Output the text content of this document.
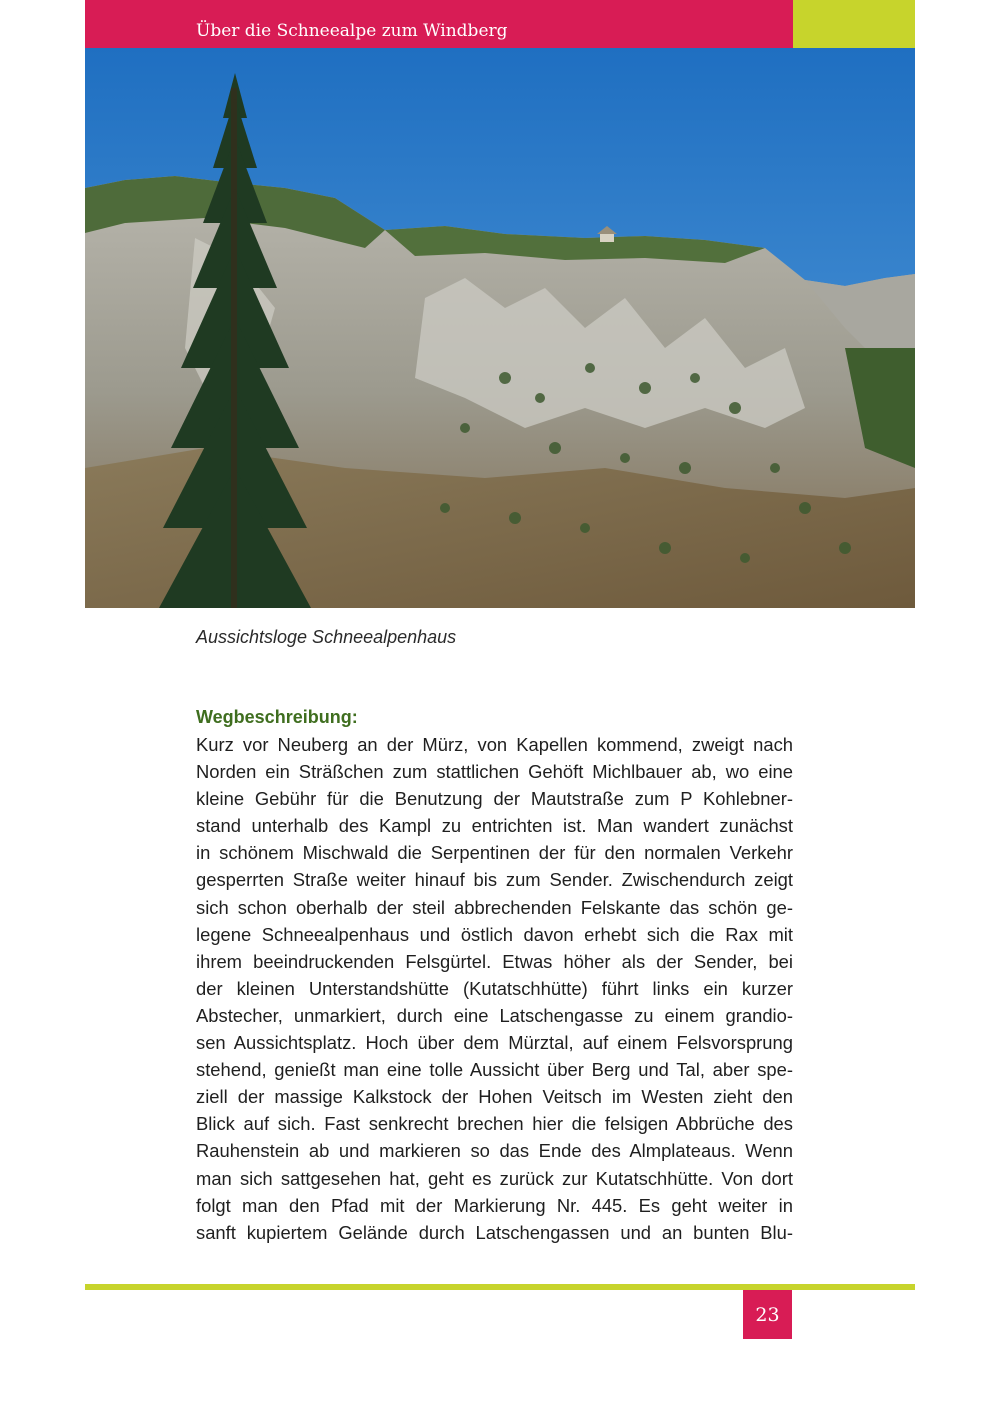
Über die Schneealpe zum Windberg
Aussichtsloge Schneealpenhaus
Wegbeschreibung:
Kurz vor Neuberg an der Mürz, von Kapellen kommend, zweigt nach
Norden ein Sträßchen zum stattlichen Gehöft Michlbauer ab, wo eine
kleine Gebühr für die Benutzung der Mautstraße zum P Kohlebner-
stand unterhalb des Kampl zu entrichten ist. Man wandert zunächst
in schönem Mischwald die Serpentinen der für den normalen Verkehr
gesperrten Straße weiter hinauf bis zum Sender. Zwischendurch zeigt
sich schon oberhalb der steil abbrechenden Felskante das schön ge-
legene Schneealpenhaus und östlich davon erhebt sich die Rax mit
ihrem beeindruckenden Felsgürtel. Etwas höher als der Sender, bei
der kleinen Unterstandshütte (Kutatschhütte) führt links ein kurzer
Abstecher, unmarkiert, durch eine Latschengasse zu einem grandio-
sen Aussichtsplatz. Hoch über dem Mürztal, auf einem Felsvorsprung
stehend, genießt man eine tolle Aussicht über Berg und Tal, aber spe-
ziell der massige Kalkstock der Hohen Veitsch im Westen zieht den
Blick auf sich. Fast senkrecht brechen hier die felsigen Abbrüche des
Rauhenstein ab und markieren so das Ende des Almplateaus. Wenn
man sich sattgesehen hat, geht es zurück zur Kutatschhütte. Von dort
folgt man den Pfad mit der Markierung Nr. 445. Es geht weiter in
sanft kupiertem Gelände durch Latschengassen und an bunten Blu-
23
